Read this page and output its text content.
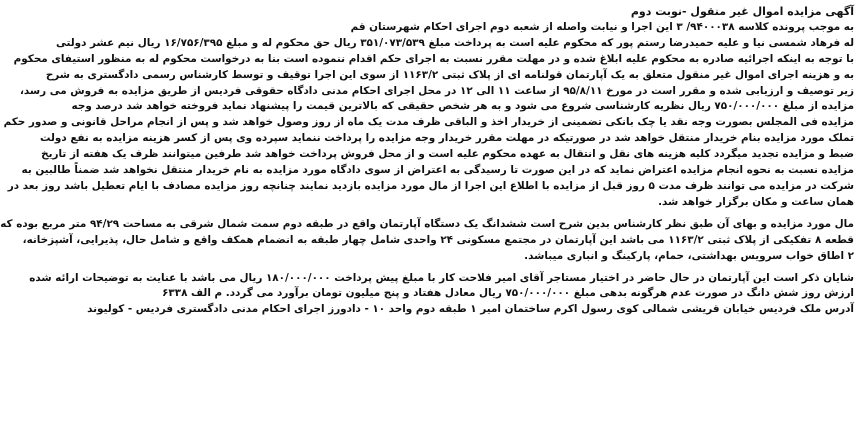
آگهی مزایده اموال غیر منقول -نوبت دوم
به موجب پرونده کلاسه ۹۴۰۰۰۳۸/ ۳ این اجرا و نیابت واصله از شعبه دوم اجرای احکام شهرستان قم
له فرهاد شمسی نیا و علیه حمیدرضا رستم پور که محکوم علیه است به پرداخت مبلغ ۳۵۱/۰۷۳/۵۳۹ ریال حق محکوم له و مبلغ ۱۶/۷۵۶/۳۹۵ ریال نیم عشر دولتی
با توجه به اینکه اجرائیه صادره به محکوم علیه ابلاغ شده و در مهلت مقرر نسبت به اجرای حکم اقدام ننموده است بنا به درخواست محکوم له به منظور استیفای محکوم
به و هزینه اجرای اموال غیر منقول متعلق به یک آپارتمان قولنامه ای از پلاک ثبتی ۱۱۶۳/۲ از سوی این اجرا توقیف و توسط کارشناس رسمی دادگستری به شرح
زیر توصیف و ارزیابی شده و مقرر است در مورخ ۹۵/۸/۱۱ از ساعت ۱۱ الی ۱۲ در محل اجرای احکام مدنی دادگاه حقوقی فردیس از طریق مزایده به فروش می رسد،
مزایده از مبلغ ۷۵۰/۰۰۰/۰۰۰ ریال نظریه کارشناسی شروع می شود و به هر شخص حقیقی که بالاترین قیمت را پیشنهاد نماید فروخته خواهد شد درصد وجه
مزایده فی المجلس بصورت وجه نقد یا چک بانکی تضمینی از خریدار اخذ و الباقی ظرف مدت یک ماه از روز وصول خواهد شد و پس از انجام مراحل قانونی و صدور حکم
تملک مورد مزایده بنام خریدار منتقل خواهد شد در صورتیکه در مهلت مقرر خریدار وجه مزایده را پرداخت ننماید سپرده وی پس از کسر هزینه مزایده به نفع دولت
ضبط و مزایده تجدید میگردد کلیه هزینه های نقل و انتقال به عهده محکوم علیه است و از محل فروش پرداخت خواهد شد طرفین میتوانند ظرف یک هفته از تاریخ
مزایده نسبت به نحوه انجام مزایده اعتراض نماید که در این صورت تا رسیدگی به اعتراض از سوی دادگاه مورد مزایده به نام خریدار منتقل نخواهد شد ضمناً طالبین به
شرکت در مزایده می توانند ظرف مدت ۵ روز قبل از مزایده با اطلاع این اجرا از مال مورد مزایده بازدید نمایند چنانچه روز مزایده مصادف با ایام تعطیل باشد روز بعد در
همان ساعت و مکان برگزار خواهد شد.
مال مورد مزایده و بهای آن طبق نظر کارشناس بدین شرح است ششدانگ یک دستگاه آپارتمان واقع در طبقه دوم سمت شمال شرقی به مساحت ۹۴/۲۹ متر مربع بوده که
قطعه ۸ تفکیکی از پلاک ثبتی ۱۱۶۳/۲ می باشد این آپارتمان در مجتمع مسکونی ۲۴ واحدی شامل چهار طبقه به انضمام همکف واقع و شامل حال، پذیرایی، آشپزخانه،
۲ اطاق خواب سرویس بهداشتی، حمام، پارکینگ و انباری میباشد.
شایان ذکر است این آپارتمان در حال حاضر در اختیار مستاجر آقای امیر فلاحت کار با مبلغ پیش پرداخت ۱۸۰/۰۰۰/۰۰۰ ریال می باشد با عنایت به توضیحات ارائه شده
ارزش روز شش دانگ در صورت عدم هرگونه بدهی مبلغ ۷۵۰/۰۰۰/۰۰۰ ریال معادل هفتاد و پنج میلیون تومان برآورد می گردد. م الف ۶۳۳۸
آدرس ملک فردیس خیابان قریشی شمالی کوی رسول اکرم ساختمان امیر ۱ طبقه دوم واحد ۱۰ - دادورز اجرای احکام مدنی دادگستری فردیس - کولیوند
